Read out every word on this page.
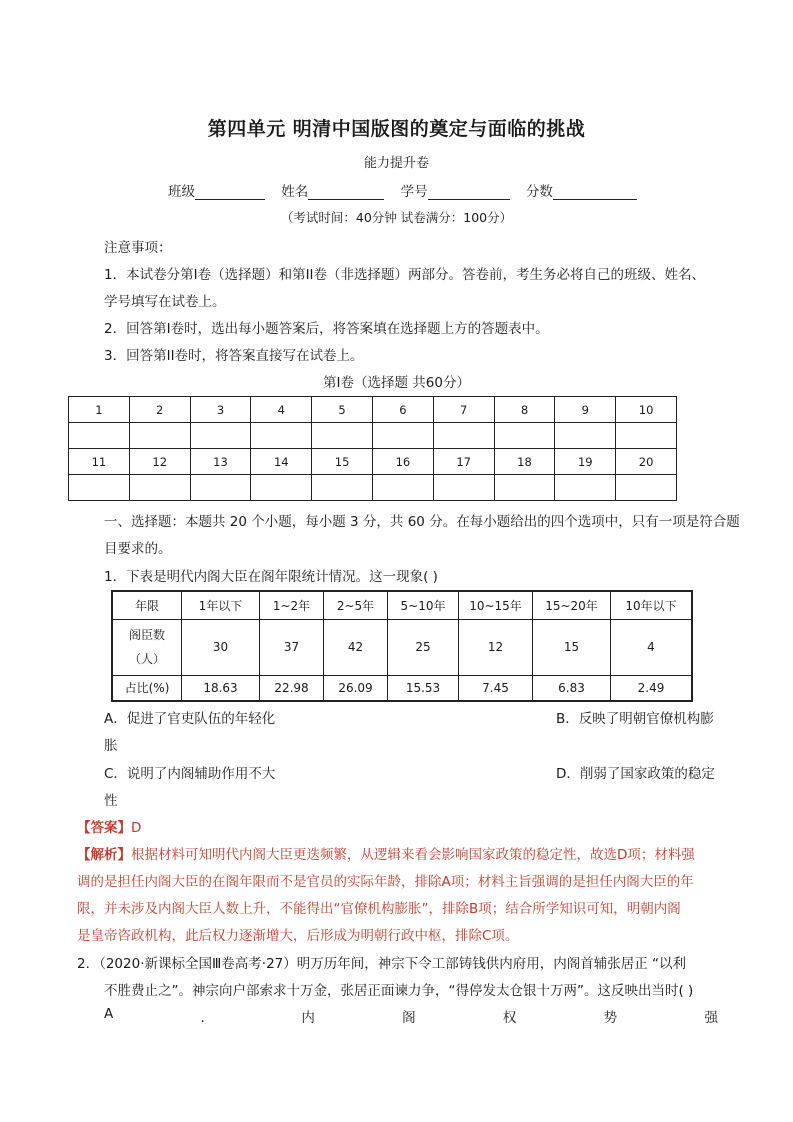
第四单元 明清中国版图的奠定与面临的挑战
能力提升卷
班级	姓名	学号	分数
（考试时间：40分钟 试卷满分：100分）
注意事项：
1．本试卷分第Ⅰ卷（选择题）和第II卷（非选择题）两部分。答卷前，考生务必将自己的班级、姓名、
学号填写在试卷上。
2．回答第Ⅰ卷时，选出每小题答案后，将答案填在选择题上方的答题表中。
3．回答第II卷时，将答案直接写在试卷上。
第Ⅰ卷（选择题 共60分）
1	2	3	4	5	6	7	8	9	10

11	12	13	14	15	16	17	18	19	20

一、选择题：本题共 20 个小题，每小题 3 分，共 60 分。在每小题给出的四个选项中，只有一项是符合题
目要求的。
1．下表是明代内阁大臣在阁年限统计情况。这一现象( )
年限	1年以下	1~2年	2~5年	5~10年	10~15年	15~20年	10年以下

阁臣数
（人）	30	37	42	25	12	15	4
占比(%)	18.63	22.98	26.09	15.53	7.45	6.83	2.49
A．促进了官吏队伍的年轻化	B．反映了明朝官僚机构膨
胀
C．说明了内阁辅助作用不大	D．削弱了国家政策的稳定
性
【答案】D
【解析】根据材料可知明代内阁大臣更迭频繁，从逻辑来看会影响国家政策的稳定性，故选D项；材料强
调的是担任内阁大臣的在阁年限而不是官员的实际年龄，排除A项；材料主旨强调的是担任内阁大臣的年
限，并未涉及内阁大臣人数上升，不能得出“官僚机构膨胀”，排除B项；结合所学知识可知，明朝内阁
是皇帝咨政机构，此后权力逐渐增大，后形成为明朝行政中枢，排除C项。
2．（2020·新课标全国Ⅲ卷高考·27）明万历年间，神宗下令工部铸钱供内府用，内阁首辅张居正 “以利
不胜费止之”。神宗向户部索求十万金，张居正面谏力争，“得停发太仓银十万两”。这反映出当时( )
A	．	内	阁	权	势	强
